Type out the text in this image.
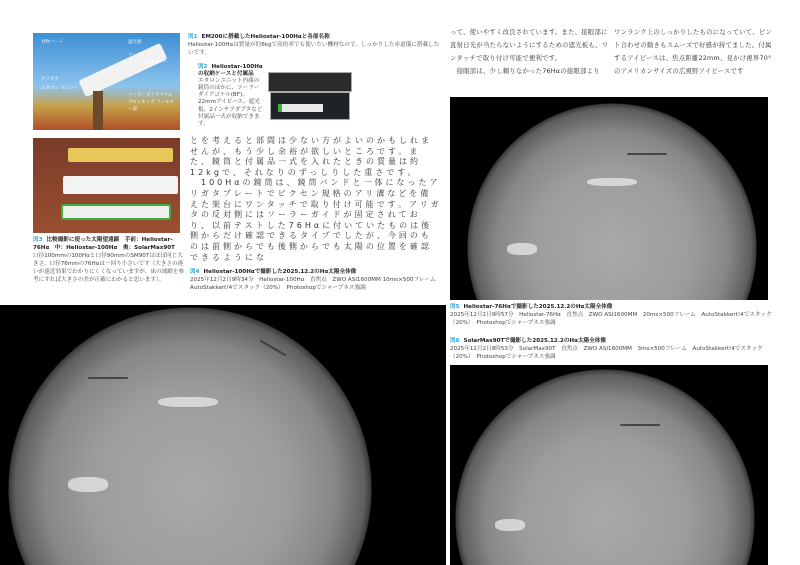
対物フード
アリガタ
エタロン ユニット
遮光板
ソーラーガイド
ヌスロン調整レバー
ソーラーダイアゴナル ブロッキング フィルター部
図3 比較撮影に使った太陽望遠鏡　手前：Heliostar-76Hα　中：Heliostar-100Hα　奥：SolarMax90T
口径100mmの100Hαと口径90mmのSM90Tはほぼ同じ大きさ、口径76mmの76Hαは一回り小さいです（大きさの違いが遠近効果でわかりにくくなっていますが、床の絨緞を参考にすれば大きさの差が正確にわかると思います）。
図1 EM200に搭載したHeliostar-100Hαと各部名称
Heliostar-100Hαは質量が約6kgで高倍率でも使いたい機材なので、しっかりした赤道儀に搭載したいです。
図2 Heliostar-100Hαの収納ケースと付属品
エタロンユニット内蔵の鏡筒のほかに、ソーラーダイアゴナル(BF)、22mmアイピース、遮光板、2インチアダプタなど付属品一式が収納できます。
とを考えると部間は少ない方がよいのかもしれませんが、もう少し余裕が欲しいところです。また、鏡筒と付属品一式を入れたときの質量は約12kgで、それなりのずっしりした重さです。
　100Hαの鏡筒は、鏡筒バンドと一体になったアリガタプレートでビクセン規格のアリ溝などを備えた架台にワンタッチで取り付け可能です。アリガタの反対側にはソーラーガイドが固定されており、以前テストした76Hαに付いていたものは後側からだけ確認できるタイプでしたが、今回のものは前側からでも後側からでも太陽の位置を確認できるようにな
図4 Heliostar-100Hαで撮影した2025.12.2のHα太陽全体像
2025年12月2日9時34分　Heliostar-100Hα　直焦点　ZWO ASI1600MM 10ms×500フレーム　AutoStakkert!4でスタック（20%）　Photoshopでシャープネス強調
って、使いやすく改良されています。また、接眼部に直射日光が当たらないようにするための遮光板も、ワンタッチで取り付け可能で便利です。
　接眼部は、少し頼りなかった76Hαの接眼部より
ワンランク上のしっかりしたものになっていて、ピント合わせの動きもスムーズで好感が持てました。付属するアイピースは、焦点距離22mm、見かけ視界70°のアメリカンサイズの広視野アイピースです
図5 Heliostar-76Hαで撮影した2025.12.2のHα太陽全体像
2025年12月2日9時57分　Heliostar-76Hα　直焦点　ZWO ASI1600MM　20ms×500フレーム　AutoStakkert!4でスタック（20%）　Photoshopでシャープネス強調
図6 SolarMax90Tで撮影した2025.12.2のHα太陽全体像
2025年12月2日8時53分　SolarMax90T　直焦点　ZWO ASI1600MM　3ms×500フレーム　AutoStakkert!4でスタック（20%）　Photoshopでシャープネス強調
